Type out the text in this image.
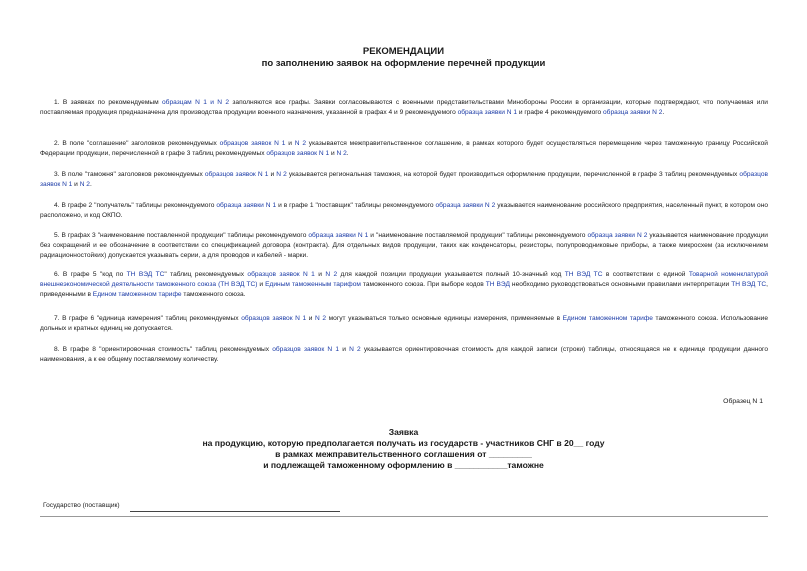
РЕКОМЕНДАЦИИ
по заполнению заявок на оформление перечней продукции

1. В заявках по рекомендуемым образцам N 1 и N 2 заполняются все графы. Заявки согласовываются с военными представительствами Минобороны России в организации, которые подтверждают, что получаемая или поставляемая продукция предназначена для производства продукции военного назначения, указанной в графах 4 и 9 рекомендуемого образца заявки N 1 и графе 4 рекомендуемого образца заявки N 2.

2. В поле "соглашение" заголовков рекомендуемых образцов заявок N 1 и N 2 указывается межправительственное соглашение, в рамках которого будет осуществляться перемещение через таможенную границу Российской Федерации продукции, перечисленной в графе 3 таблиц рекомендуемых образцов заявок N 1 и N 2.

3. В поле "таможня" заголовков рекомендуемых образцов заявок N 1 и N 2 указывается региональная таможня, на которой будет производиться оформление продукции, перечисленной в графе 3 таблиц рекомендуемых образцов заявок N 1 и N 2.

4. В графе 2 "получатель" таблицы рекомендуемого образца заявки N 1 и в графе 1 "поставщик" таблицы рекомендуемого образца заявки N 2 указывается наименование российского предприятия, населенный пункт, в котором оно расположено, и код ОКПО.

5. В графах 3 "наименование поставленной продукции" таблицы рекомендуемого образца заявки N 1 и "наименование поставляемой продукции" таблицы рекомендуемого образца заявки N 2 указывается наименование продукции без сокращений и ее обозначение в соответствии со спецификацией договора (контракта). Для отдельных видов продукции, таких как конденсаторы, резисторы, полупроводниковые приборы, а также микросхем (за исключением радиационностойких) допускается указывать серии, а для проводов и кабелей - марки.

6. В графе 5 "код по ТН ВЭД ТС" таблиц рекомендуемых образцов заявок N 1 и N 2 для каждой позиции продукции указывается полный 10-значный код ТН ВЭД ТС в соответствии с единой Товарной номенклатурой внешнеэкономической деятельности таможенного союза (ТН ВЭД ТС) и Единым таможенным тарифом таможенного союза. При выборе кодов ТН ВЭД необходимо руководствоваться основными правилами интерпретации ТН ВЭД ТС, приведенными в Едином таможенном тарифе таможенного союза.

7. В графе 6 "единица измерения" таблиц рекомендуемых образцов заявок N 1 и N 2 могут указываться только основные единицы измерения, применяемые в Едином таможенном тарифе таможенного союза. Использование дольных и кратных единиц не допускается.

8. В графе 8 "ориентировочная стоимость" таблиц рекомендуемых образцов заявок N 1 и N 2 указывается ориентировочная стоимость для каждой записи (строки) таблицы, относящаяся не к единице продукции данного наименования, а к ее общему поставляемому количеству.

Образец N 1
Заявка
на продукцию, которую предполагается получать из государств - участников СНГ в 20__ году
в рамках межправительственного соглашения от _________
и подлежащей таможенному оформлению в ___________таможне
Государство (поставщик)
